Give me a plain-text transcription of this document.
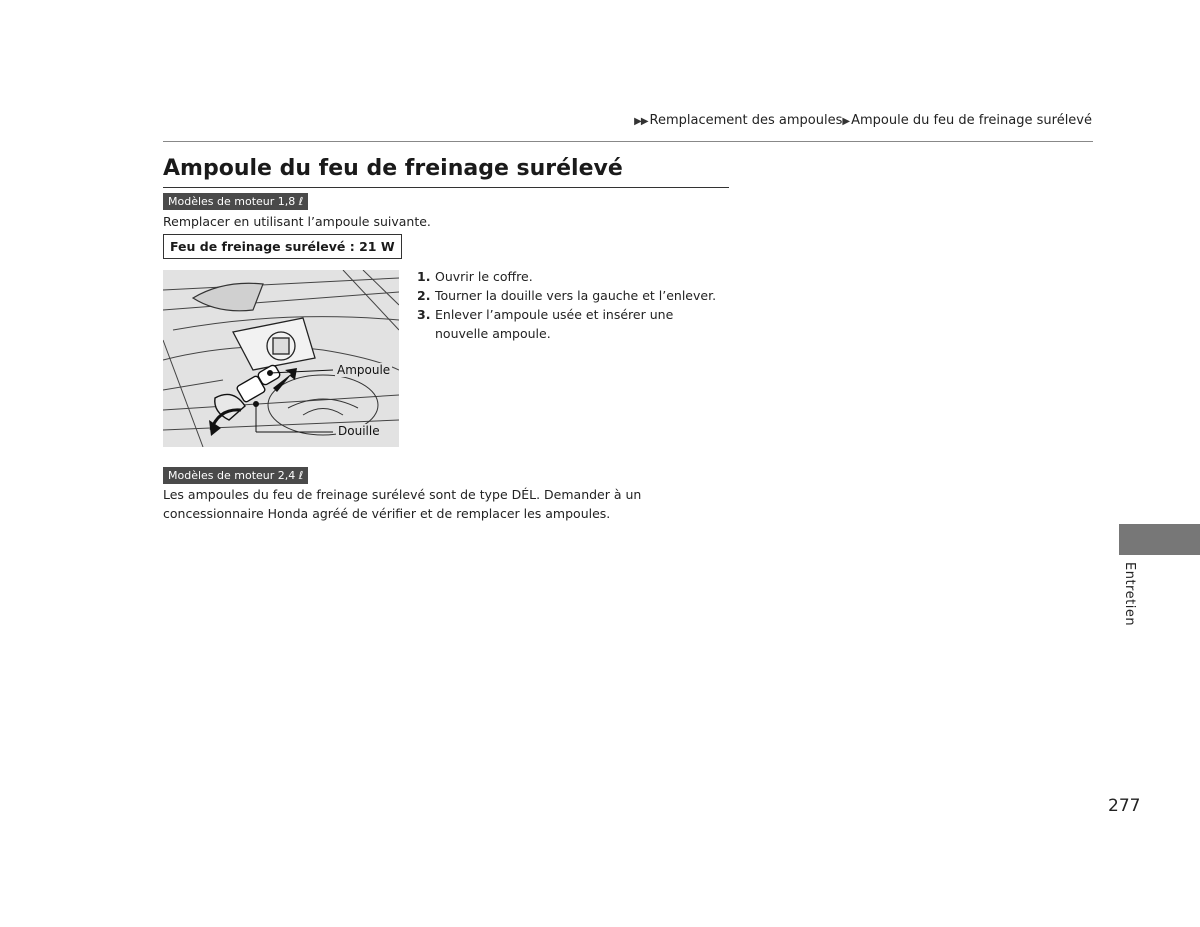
▶▶ Remplacement des ampoules▶ Ampoule du feu de freinage surélevé
Ampoule du feu de freinage surélevé
Modèles de moteur 1,8 ℓ

Remplacer en utilisant l’ampoule suivante.

Feu de freinage surélevé : 21 W
Ampoule
Douille
1. Ouvrir le coffre.
2. Tourner la douille vers la gauche et l’enlever.
3. Enlever l’ampoule usée et insérer une nouvelle ampoule.
Modèles de moteur 2,4 ℓ

Les ampoules du feu de freinage surélevé sont de type DÉL. Demander à un concessionnaire Honda agréé de vérifier et de remplacer les ampoules.

Entretien
277
